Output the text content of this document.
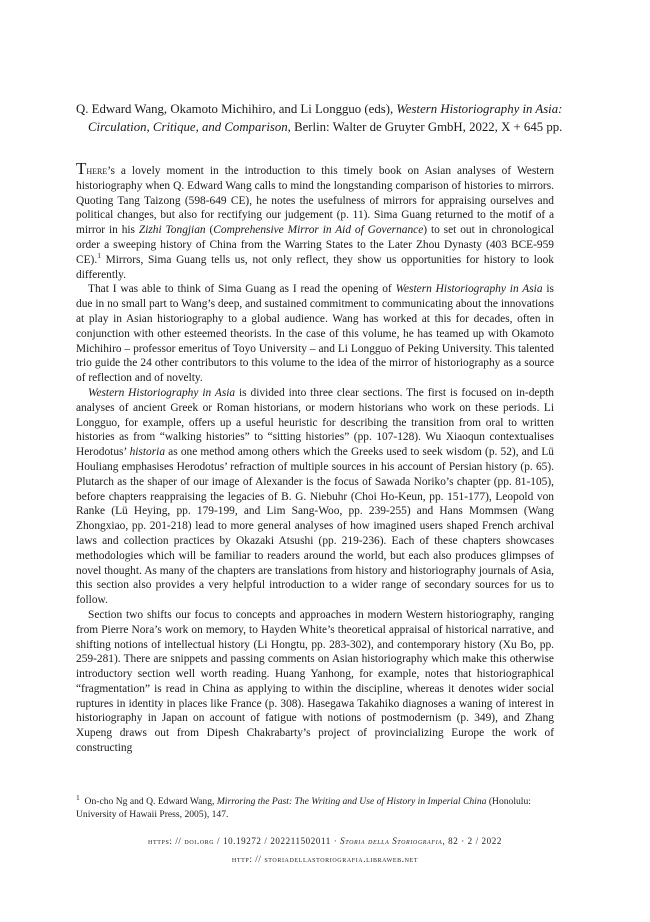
Q. Edward Wang, Okamoto Michihiro, and Li Longguo (eds), Western Historiography in Asia: Circulation, Critique, and Comparison, Berlin: Walter de Gruyter GmbH, 2022, X + 645 pp.

There’s a lovely moment in the introduction to this timely book on Asian analyses of Western historiography when Q. Edward Wang calls to mind the longstanding comparison of histories to mirrors. Quoting Tang Taizong (598-649 CE), he notes the usefulness of mirrors for appraising ourselves and political changes, but also for rectifying our judgement (p. 11). Sima Guang returned to the motif of a mirror in his Zizhi Tongjian (Comprehensive Mirror in Aid of Governance) to set out in chronological order a sweeping history of China from the Warring States to the Later Zhou Dynasty (403 BCE-959 CE).$^1$ Mirrors, Sima Guang tells us, not only reflect, they show us opportunities for history to look differently.

That I was able to think of Sima Guang as I read the opening of Western Historiography in Asia is due in no small part to Wang’s deep, and sustained commitment to communicating about the innovations at play in Asian historiography to a global audience. Wang has worked at this for decades, often in conjunction with other esteemed theorists. In the case of this volume, he has teamed up with Okamoto Michihiro – professor emeritus of Toyo University – and Li Longguo of Peking University. This talented trio guide the 24 other contributors to this volume to the idea of the mirror of historiography as a source of reflection and of novelty.

Western Historiography in Asia is divided into three clear sections. The first is focused on in-depth analyses of ancient Greek or Roman historians, or modern historians who work on these periods. Li Longguo, for example, offers up a useful heuristic for describing the transition from oral to written histories as from “walking histories” to “sitting histories” (pp. 107-128). Wu Xiaoqun contextualises Herodotus’ historia as one method among others which the Greeks used to seek wisdom (p. 52), and Lü Houliang emphasises Herodotus’ refraction of multiple sources in his account of Persian history (p. 65). Plutarch as the shaper of our image of Alexander is the focus of Sawada Noriko’s chapter (pp. 81-105), before chapters reappraising the legacies of B. G. Niebuhr (Choi Ho-Keun, pp. 151-177), Leopold von Ranke (Lü Heying, pp. 179-199, and Lim Sang-Woo, pp. 239-255) and Hans Mommsen (Wang Zhongxiao, pp. 201-218) lead to more general analyses of how imagined users shaped French archival laws and collection practices by Okazaki Atsushi (pp. 219-236). Each of these chapters showcases methodologies which will be familiar to readers around the world, but each also produces glimpses of novel thought. As many of the chapters are translations from history and historiography journals of Asia, this section also provides a very helpful introduction to a wider range of secondary sources for us to follow.

Section two shifts our focus to concepts and approaches in modern Western historiography, ranging from Pierre Nora’s work on memory, to Hayden White’s theoretical appraisal of historical narrative, and shifting notions of intellectual history (Li Hongtu, pp. 283-302), and contemporary history (Xu Bo, pp. 259-281). There are snippets and passing comments on Asian historiography which make this otherwise introductory section well worth reading. Huang Yanhong, for example, notes that historiographical “fragmentation” is read in China as applying to within the discipline, whereas it denotes wider social ruptures in identity in places like France (p. 308). Hasegawa Takahiko diagnoses a waning of interest in historiography in Japan on account of fatigue with notions of postmodernism (p. 349), and Zhang Xupeng draws out from Dipesh Chakrabarty’s project of provincializing Europe the work of constructing

$^1$ On-cho Ng and Q. Edward Wang, Mirroring the Past: The Writing and Use of History in Imperial China (Honolulu: University of Hawaii Press, 2005), 147.
https: // doi.org / 10.19272 / 202211502011 · Storia della Storiografia, 82 · 2 / 2022
http: // storiadellastoriografia.libraweb.net
